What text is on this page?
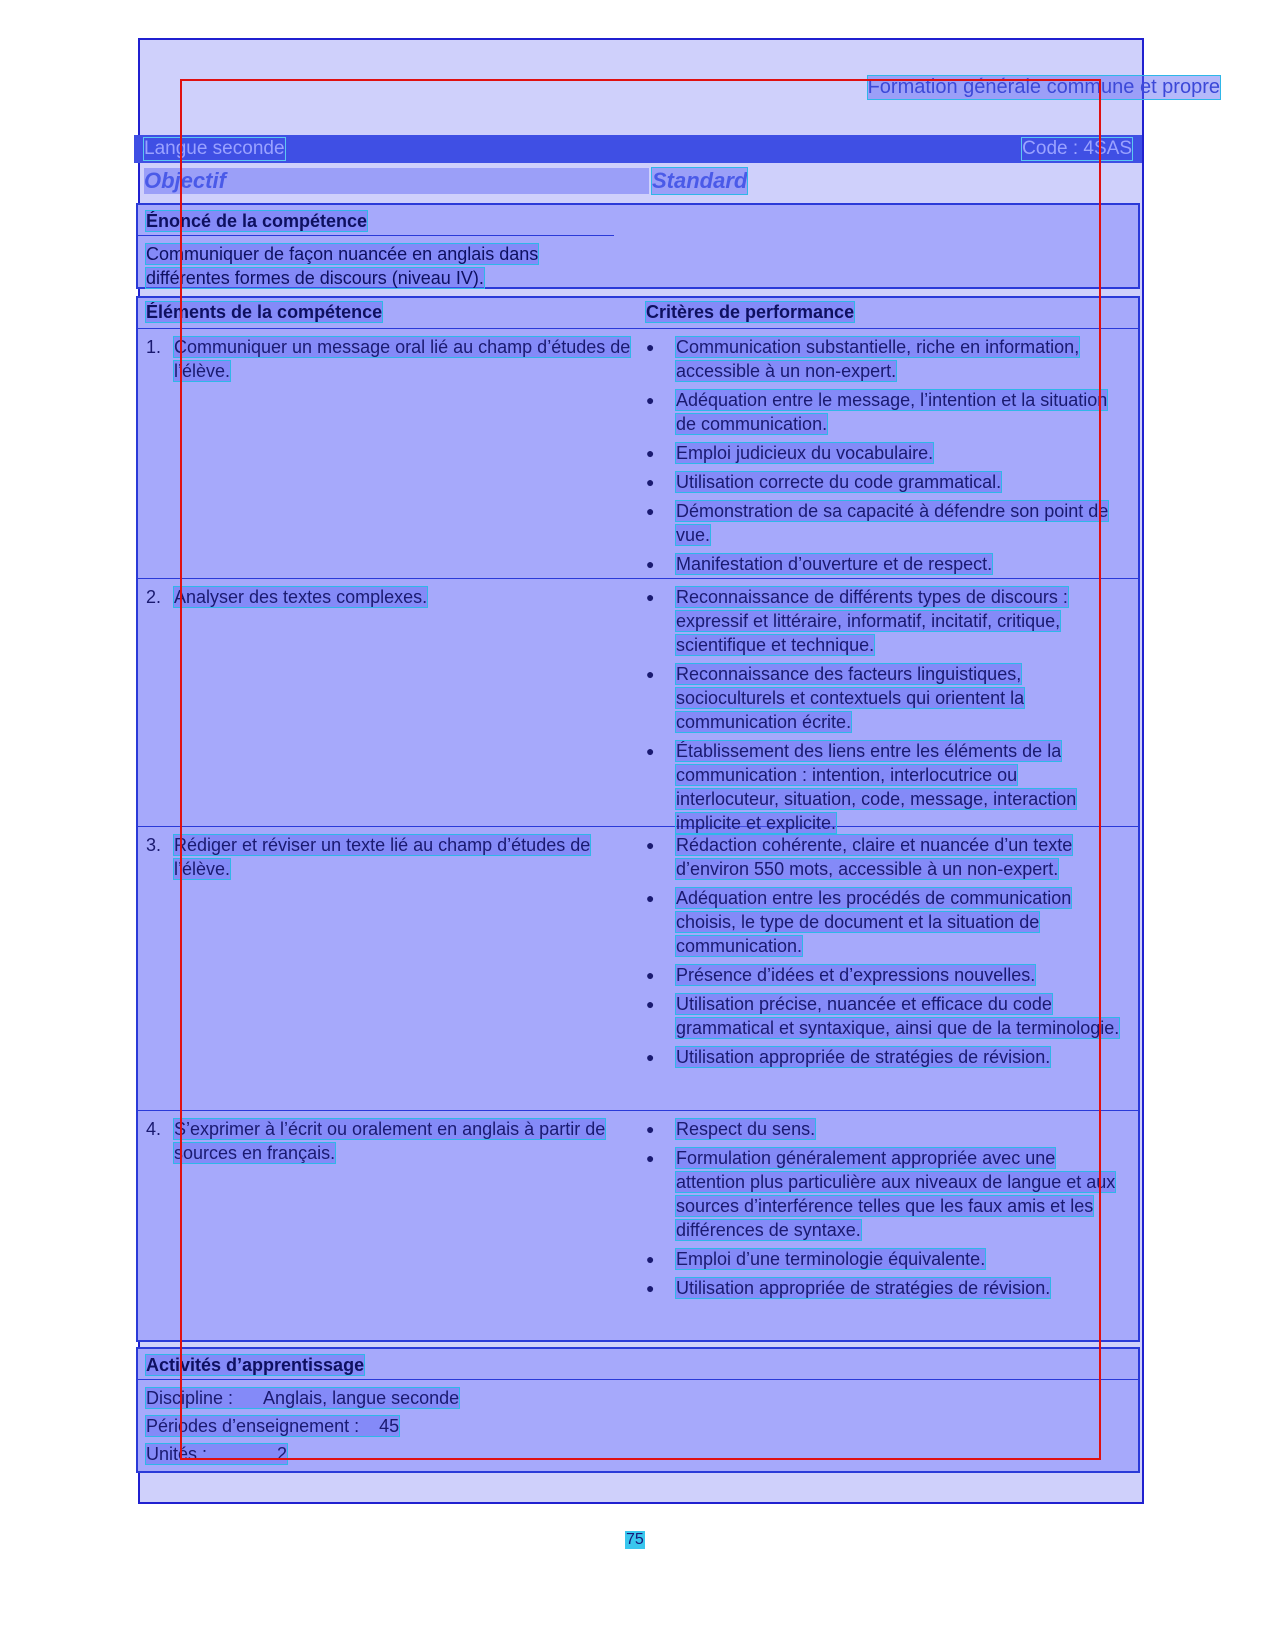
Formation générale commune et propre
Langue seconde	Code : 4SAS
Objectif	Standard
Énoncé de la compétence
Communiquer de façon nuancée en anglais dans différentes formes de discours (niveau IV).
Éléments de la compétence	Critères de performance
1. Communiquer un message oral lié au champ d’études de l’élève.
●	Communication substantielle, riche en information, accessible à un non-expert.
●	Adéquation entre le message, l’intention et la situation de communication.
●	Emploi judicieux du vocabulaire.
●	Utilisation correcte du code grammatical.
●	Démonstration de sa capacité à défendre son point de vue.
●	Manifestation d’ouverture et de respect.
2. Analyser des textes complexes.	●	Reconnaissance de différents types de discours : expressif et littéraire, informatif, incitatif, critique, scientifique et technique.
●	Reconnaissance des facteurs linguistiques, socioculturels et contextuels qui orientent la communication écrite.
●	Établissement des liens entre les éléments de la communication : intention, interlocutrice ou interlocuteur, situation, code, message, interaction implicite et explicite.
3. Rédiger et réviser un texte lié au champ d’études de l’élève.
●	Rédaction cohérente, claire et nuancée d’un texte d’environ 550 mots, accessible à un non-expert.
●	Adéquation entre les procédés de communication choisis, le type de document et la situation de communication.
●	Présence d’idées et d’expressions nouvelles.
●	Utilisation précise, nuancée et efficace du code grammatical et syntaxique, ainsi que de la terminologie.
●	Utilisation appropriée de stratégies de révision.
4. S’exprimer à l’écrit ou oralement en anglais à partir de sources en français.
●	Respect du sens.
●	Formulation généralement appropriée avec une attention plus particulière aux niveaux de langue et aux sources d’interférence telles que les faux amis et les différences de syntaxe.
●	Emploi d’une terminologie équivalente.
●	Utilisation appropriée de stratégies de révision.
Activités d’apprentissage
Discipline : Anglais, langue seconde
Périodes d’enseignement : 45
Unités :	2
75
